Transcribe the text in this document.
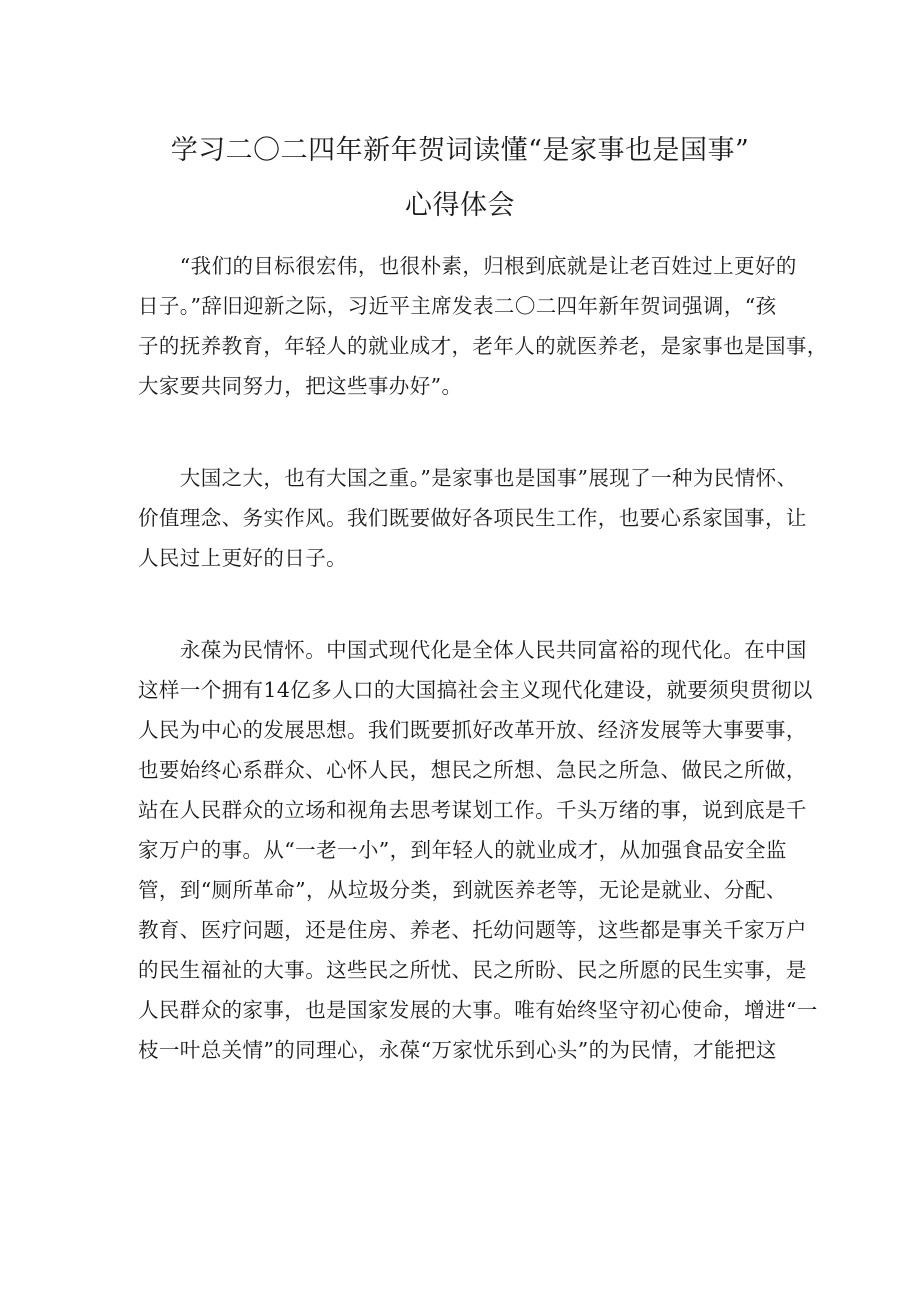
学习二〇二四年新年贺词读懂“是家事也是国事”
心得体会

　　“我们的目标很宏伟，也很朴素，归根到底就是让老百姓过上更好的
日子。”辞旧迎新之际，习近平主席发表二〇二四年新年贺词强调，“孩
子的抚养教育，年轻人的就业成才，老年人的就医养老，是家事也是国事，
大家要共同努力，把这些事办好”。

　　大国之大，也有大国之重。”是家事也是国事”展现了一种为民情怀、
价值理念、务实作风。我们既要做好各项民生工作，也要心系家国事，让
人民过上更好的日子。

　　永葆为民情怀。中国式现代化是全体人民共同富裕的现代化。在中国
这样一个拥有14亿多人口的大国搞社会主义现代化建设，就要须臾贯彻以
人民为中心的发展思想。我们既要抓好改革开放、经济发展等大事要事，
也要始终心系群众、心怀人民，想民之所想、急民之所急、做民之所做，
站在人民群众的立场和视角去思考谋划工作。千头万绪的事，说到底是千
家万户的事。从“一老一小”，到年轻人的就业成才，从加强食品安全监
管，到“厕所革命”，从垃圾分类，到就医养老等，无论是就业、分配、
教育、医疗问题，还是住房、养老、托幼问题等，这些都是事关千家万户
的民生福祉的大事。这些民之所忧、民之所盼、民之所愿的民生实事，是
人民群众的家事，也是国家发展的大事。唯有始终坚守初心使命，增进“一
枝一叶总关情”的同理心，永葆“万家忧乐到心头”的为民情，才能把这
